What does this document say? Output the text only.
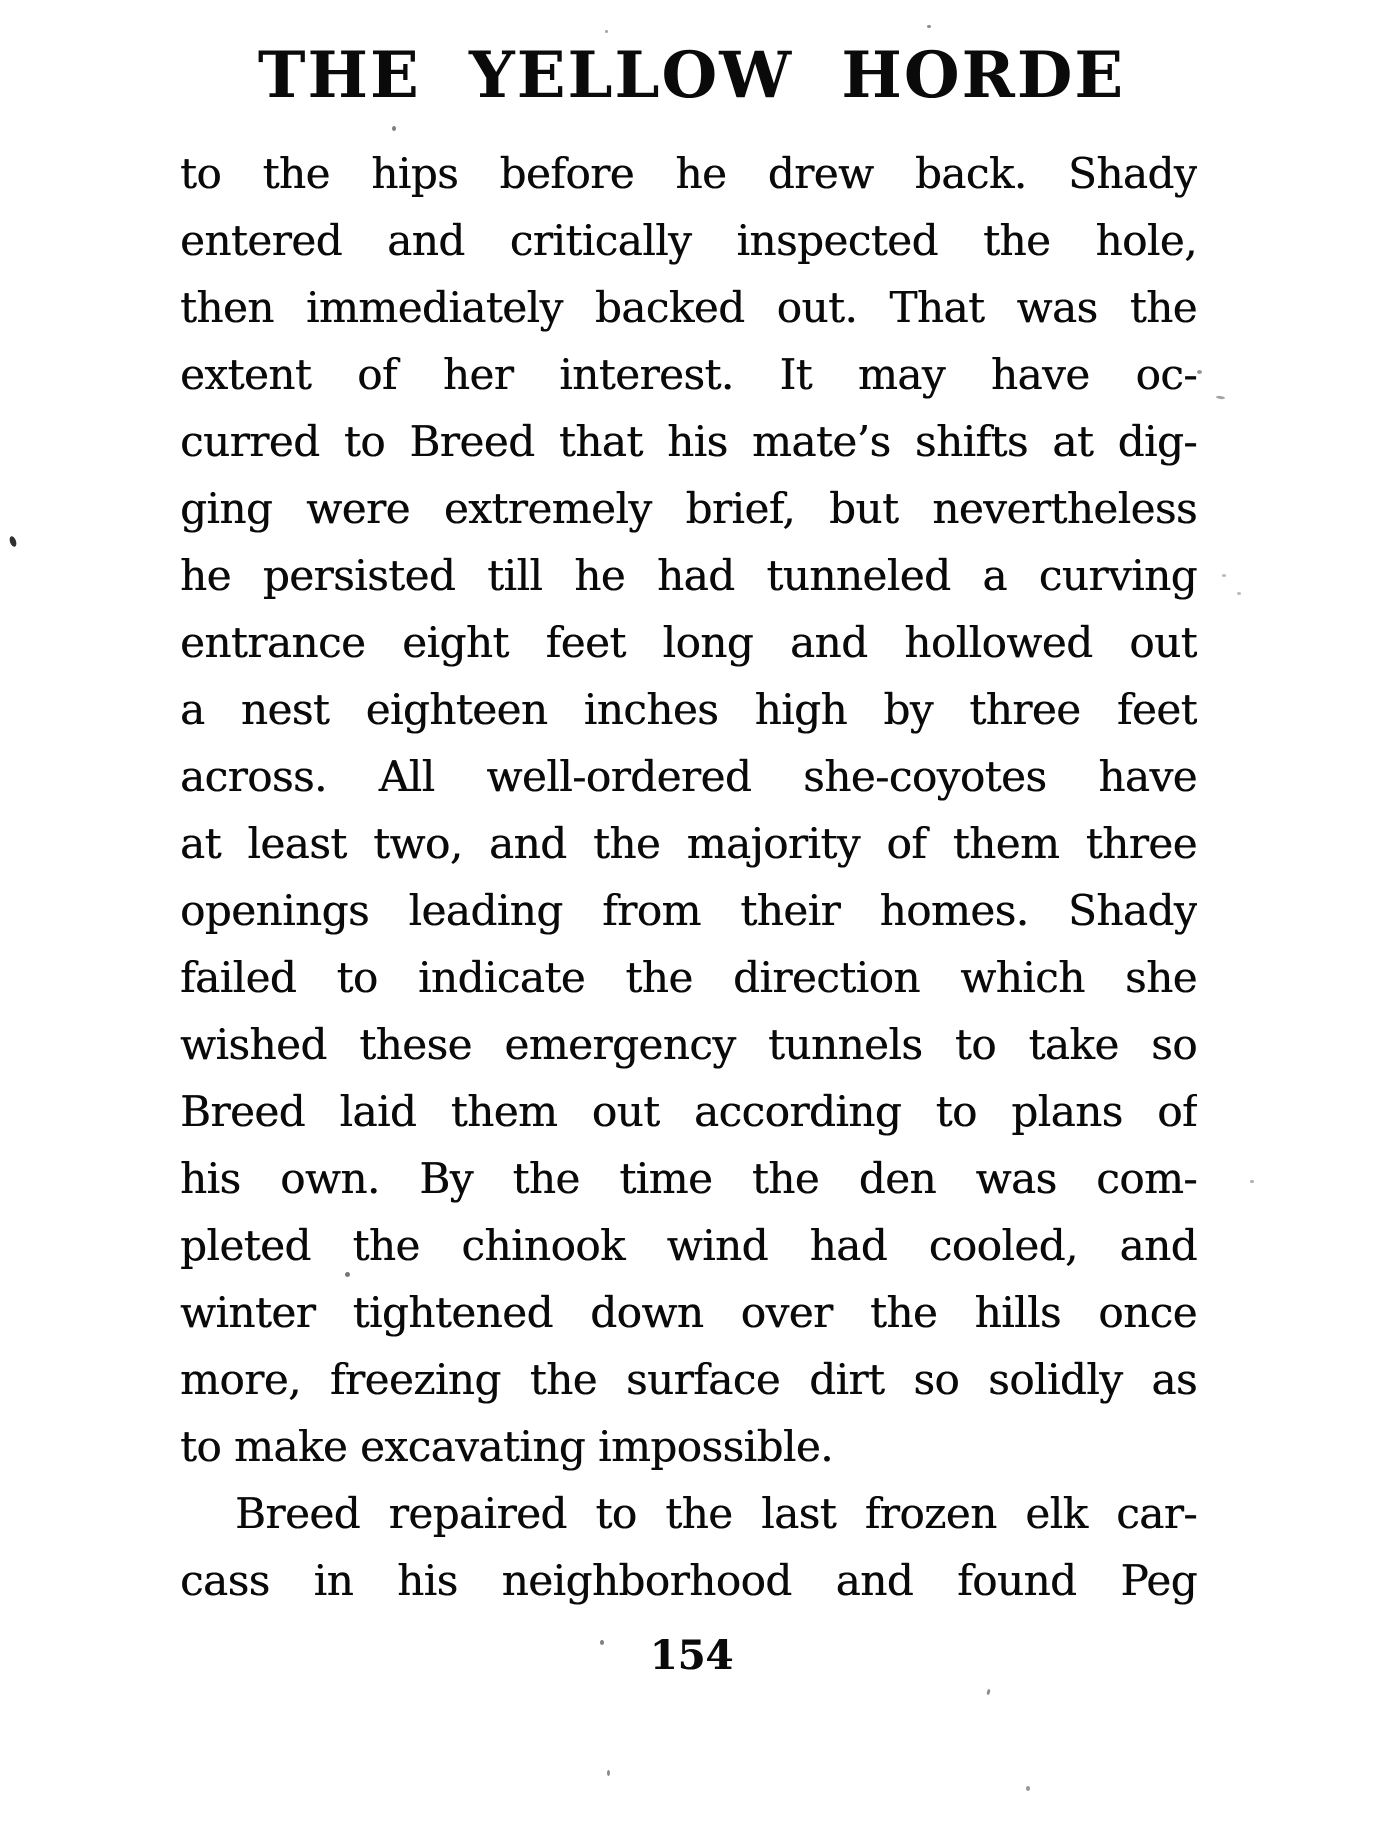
THE YELLOW HORDE
to the hips before he drew back. Shady
entered and critically inspected the hole,
then immediately backed out. That was the
extent of her interest. It may have oc-
curred to Breed that his mate’s shifts at dig-
ging were extremely brief, but nevertheless
he persisted till he had tunneled a curving
entrance eight feet long and hollowed out
a nest eighteen inches high by three feet
across. All well-ordered she-coyotes have
at least two, and the majority of them three
openings leading from their homes. Shady
failed to indicate the direction which she
wished these emergency tunnels to take so
Breed laid them out according to plans of
his own. By the time the den was com-
pleted the chinook wind had cooled, and
winter tightened down over the hills once
more, freezing the surface dirt so solidly as
to make excavating impossible.
Breed repaired to the last frozen elk car-
cass in his neighborhood and found Peg
154
